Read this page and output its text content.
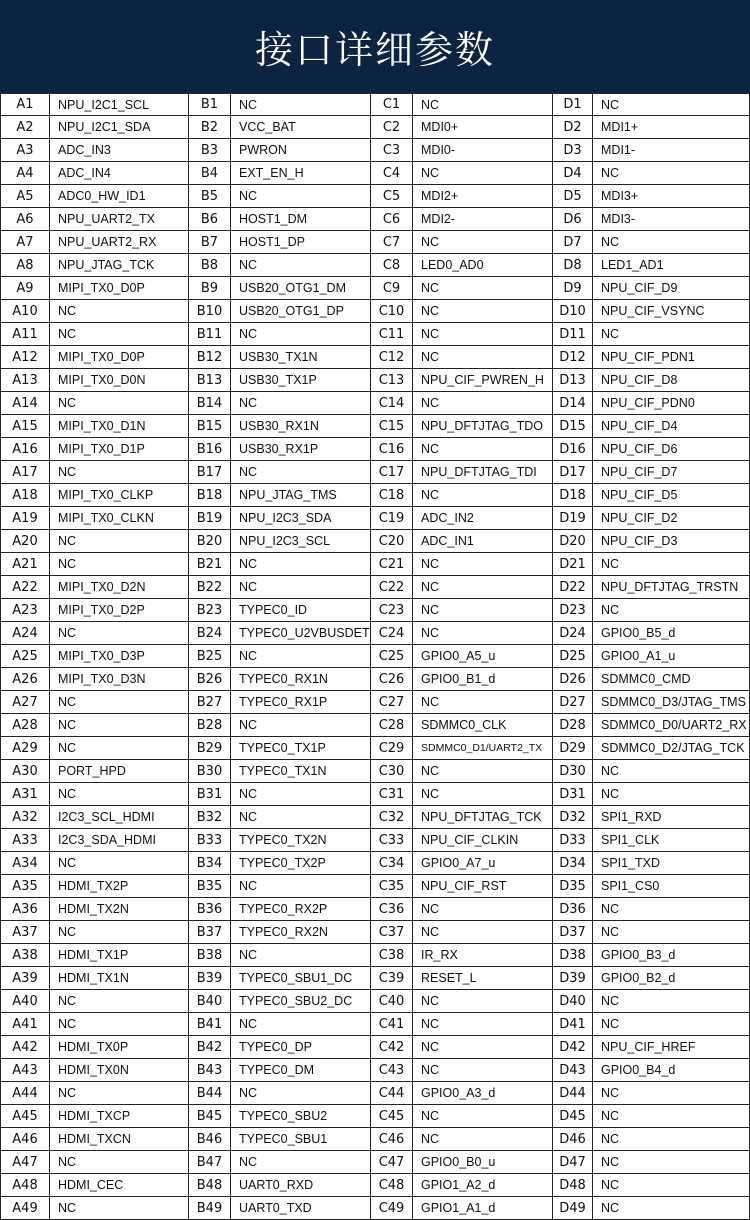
接口详细参数
A1	NPU_I2C1_SCL	B1	NC	C1	NC	D1	NC
A2	NPU_I2C1_SDA	B2	VCC_BAT	C2	MDI0+	D2	MDI1+
A3	ADC_IN3	B3	PWRON	C3	MDI0-	D3	MDI1-
A4	ADC_IN4	B4	EXT_EN_H	C4	NC	D4	NC
A5	ADC0_HW_ID1	B5	NC	C5	MDI2+	D5	MDI3+
A6	NPU_UART2_TX	B6	HOST1_DM	C6	MDI2-	D6	MDI3-
A7	NPU_UART2_RX	B7	HOST1_DP	C7	NC	D7	NC
A8	NPU_JTAG_TCK	B8	NC	C8	LED0_AD0	D8	LED1_AD1
A9	MIPI_TX0_D0P	B9	USB20_OTG1_DM	C9	NC	D9	NPU_CIF_D9
A10	NC	B10	USB20_OTG1_DP	C10	NC	D10	NPU_CIF_VSYNC
A11	NC	B11	NC	C11	NC	D11	NC
A12	MIPI_TX0_D0P	B12	USB30_TX1N	C12	NC	D12	NPU_CIF_PDN1
A13	MIPI_TX0_D0N	B13	USB30_TX1P	C13	NPU_CIF_PWREN_H	D13	NPU_CIF_D8
A14	NC	B14	NC	C14	NC	D14	NPU_CIF_PDN0
A15	MIPI_TX0_D1N	B15	USB30_RX1N	C15	NPU_DFTJTAG_TDO	D15	NPU_CIF_D4
A16	MIPI_TX0_D1P	B16	USB30_RX1P	C16	NC	D16	NPU_CIF_D6
A17	NC	B17	NC	C17	NPU_DFTJTAG_TDI	D17	NPU_CIF_D7
A18	MIPI_TX0_CLKP	B18	NPU_JTAG_TMS	C18	NC	D18	NPU_CIF_D5
A19	MIPI_TX0_CLKN	B19	NPU_I2C3_SDA	C19	ADC_IN2	D19	NPU_CIF_D2
A20	NC	B20	NPU_I2C3_SCL	C20	ADC_IN1	D20	NPU_CIF_D3
A21	NC	B21	NC	C21	NC	D21	NC
A22	MIPI_TX0_D2N	B22	NC	C22	NC	D22	NPU_DFTJTAG_TRSTN
A23	MIPI_TX0_D2P	B23	TYPEC0_ID	C23	NC	D23	NC
A24	NC	B24	TYPEC0_U2VBUSDET C24	NC	D24	GPIO0_B5_d
A25	MIPI_TX0_D3P	B25	NC	C25	GPIO0_A5_u	D25	GPIO0_A1_u
A26	MIPI_TX0_D3N	B26	TYPEC0_RX1N	C26	GPIO0_B1_d	D26	SDMMC0_CMD
A27	NC	B27	TYPEC0_RX1P	C27	NC	D27	SDMMC0_D3/JTAG_TMS
A28	NC	B28	NC	C28	SDMMC0_CLK	D28	SDMMC0_D0/UART2_RX
A29	NC	B29	TYPEC0_TX1P	C29	SDMMC0_D1/UART2_TX	D29	SDMMC0_D2/JTAG_TCK
A30	PORT_HPD	B30	TYPEC0_TX1N	C30	NC	D30	NC
A31	NC	B31	NC	C31	NC	D31	NC
A32	I2C3_SCL_HDMI	B32	NC	C32	NPU_DFTJTAG_TCK	D32	SPI1_RXD
A33	I2C3_SDA_HDMI	B33	TYPEC0_TX2N	C33	NPU_CIF_CLKIN	D33	SPI1_CLK
A34	NC	B34	TYPEC0_TX2P	C34	GPIO0_A7_u	D34	SPI1_TXD
A35	HDMI_TX2P	B35	NC	C35	NPU_CIF_RST	D35	SPI1_CS0
A36	HDMI_TX2N	B36	TYPEC0_RX2P	C36	NC	D36	NC
A37	NC	B37	TYPEC0_RX2N	C37	NC	D37	NC
A38	HDMI_TX1P	B38	NC	C38	IR_RX	D38	GPIO0_B3_d
A39	HDMI_TX1N	B39	TYPEC0_SBU1_DC	C39	RESET_L	D39	GPIO0_B2_d
A40	NC	B40	TYPEC0_SBU2_DC	C40	NC	D40	NC
A41	NC	B41	NC	C41	NC	D41	NC
A42	HDMI_TX0P	B42	TYPEC0_DP	C42	NC	D42	NPU_CIF_HREF
A43	HDMI_TX0N	B43	TYPEC0_DM	C43	NC	D43	GPIO0_B4_d
A44	NC	B44	NC	C44	GPIO0_A3_d	D44	NC
A45	HDMI_TXCP	B45	TYPEC0_SBU2	C45	NC	D45	NC
A46	HDMI_TXCN	B46	TYPEC0_SBU1	C46	NC	D46	NC
A47	NC	B47	NC	C47	GPIO0_B0_u	D47	NC
A48	HDMI_CEC	B48	UART0_RXD	C48	GPIO1_A2_d	D48	NC
A49	NC	B49	UART0_TXD	C49	GPIO1_A1_d	D49	NC
